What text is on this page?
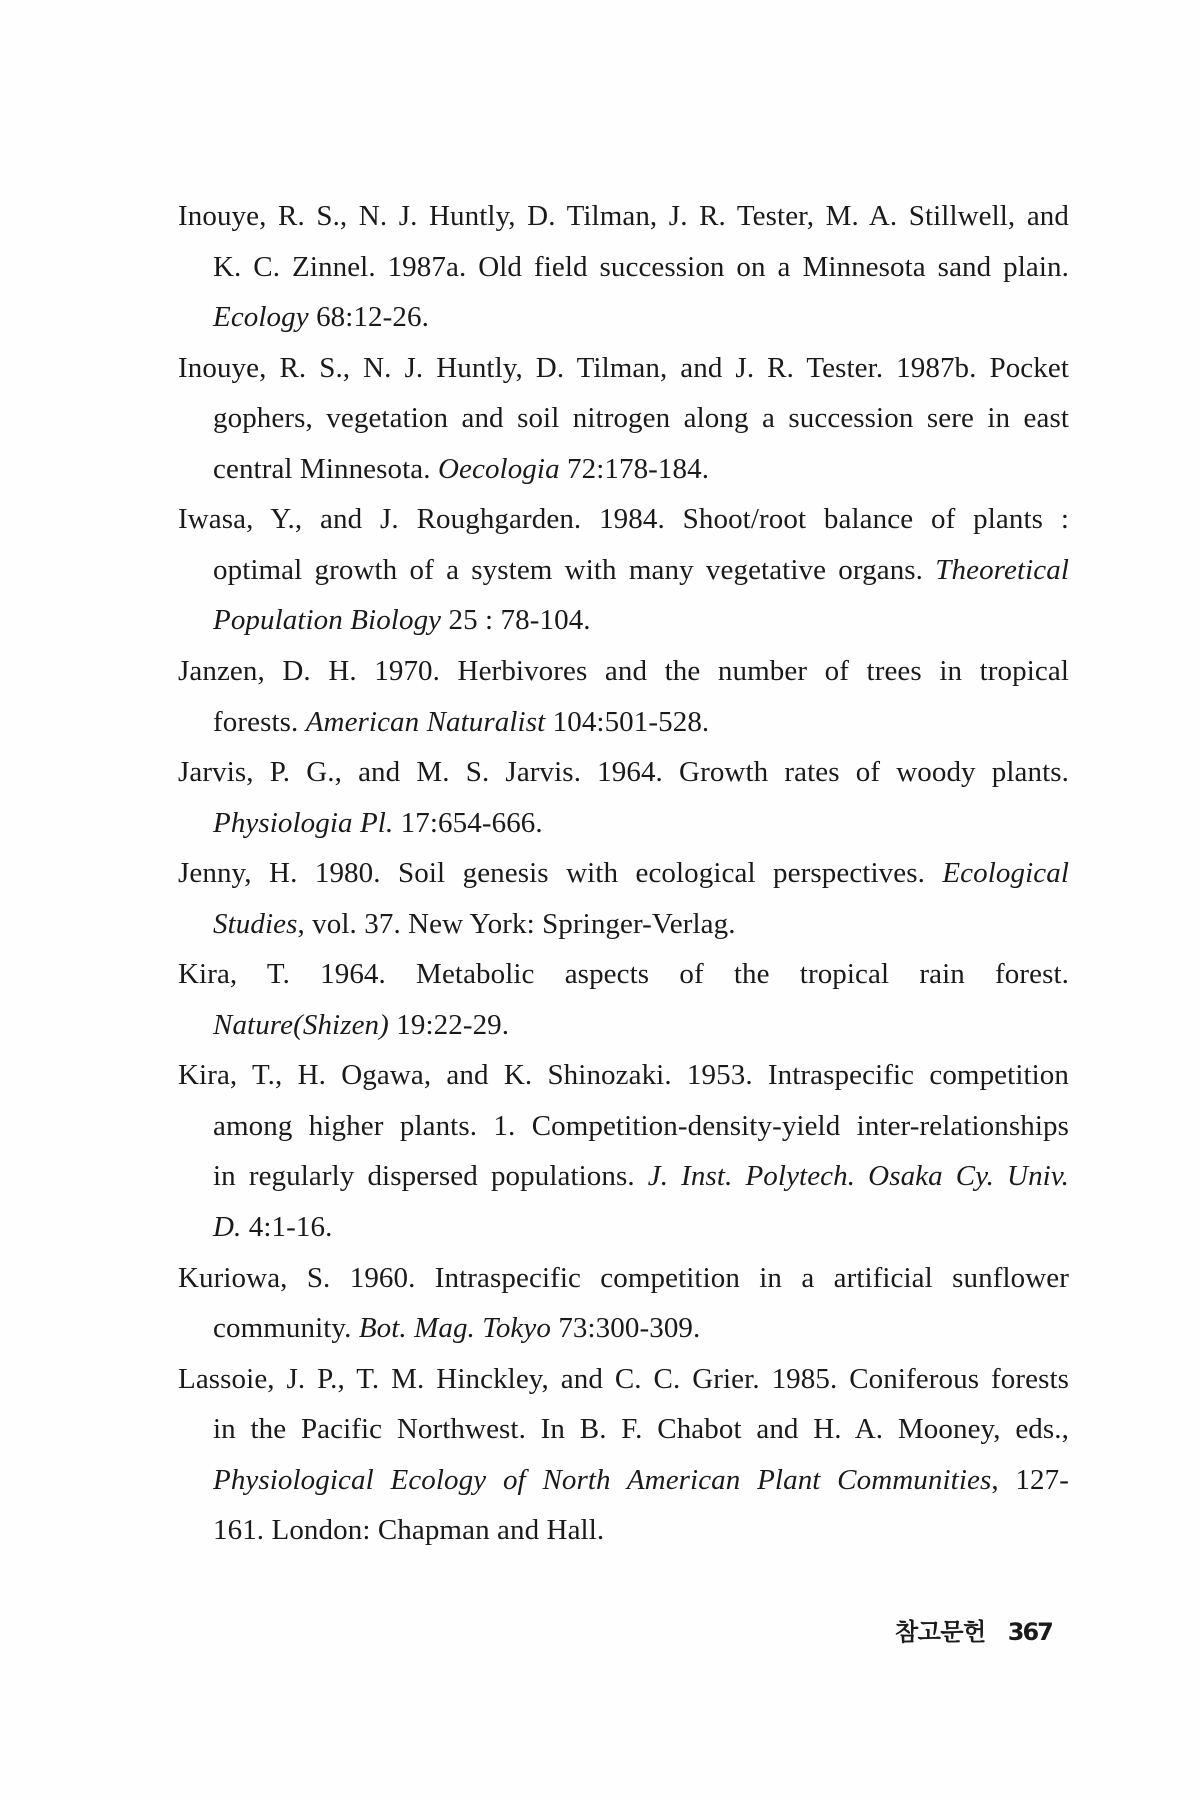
Inouye, R. S., N. J. Huntly, D. Tilman, J. R. Tester, M. A. Stillwell, and
K. C. Zinnel. 1987a. Old field succession on a Minnesota sand plain.
Ecology 68:12-26.
Inouye, R. S., N. J. Huntly, D. Tilman, and J. R. Tester. 1987b. Pocket
gophers, vegetation and soil nitrogen along a succession sere in east
central Minnesota. Oecologia 72:178-184.
Iwasa, Y., and J. Roughgarden. 1984. Shoot/root balance of plants :
optimal growth of a system with many vegetative organs. Theoretical
Population Biology 25 : 78-104.
Janzen, D. H. 1970. Herbivores and the number of trees in tropical
forests. American Naturalist 104:501-528.
Jarvis, P. G., and M. S. Jarvis. 1964. Growth rates of woody plants.
Physiologia Pl. 17:654-666.
Jenny, H. 1980. Soil genesis with ecological perspectives. Ecological
Studies, vol. 37. New York: Springer-Verlag.
Kira, T. 1964. Metabolic aspects of the tropical rain forest.
Nature(Shizen) 19:22-29.
Kira, T., H. Ogawa, and K. Shinozaki. 1953. Intraspecific competition
among higher plants. 1. Competition-density-yield inter-relationships
in regularly dispersed populations. J. Inst. Polytech. Osaka Cy. Univ.
D. 4:1-16.
Kuriowa, S. 1960. Intraspecific competition in a artificial sunflower
community. Bot. Mag. Tokyo 73:300-309.
Lassoie, J. P., T. M. Hinckley, and C. C. Grier. 1985. Coniferous forests
in the Pacific Northwest. In B. F. Chabot and H. A. Mooney, eds.,
Physiological Ecology of North American Plant Communities, 127-
161. London: Chapman and Hall.
참고문헌 367
